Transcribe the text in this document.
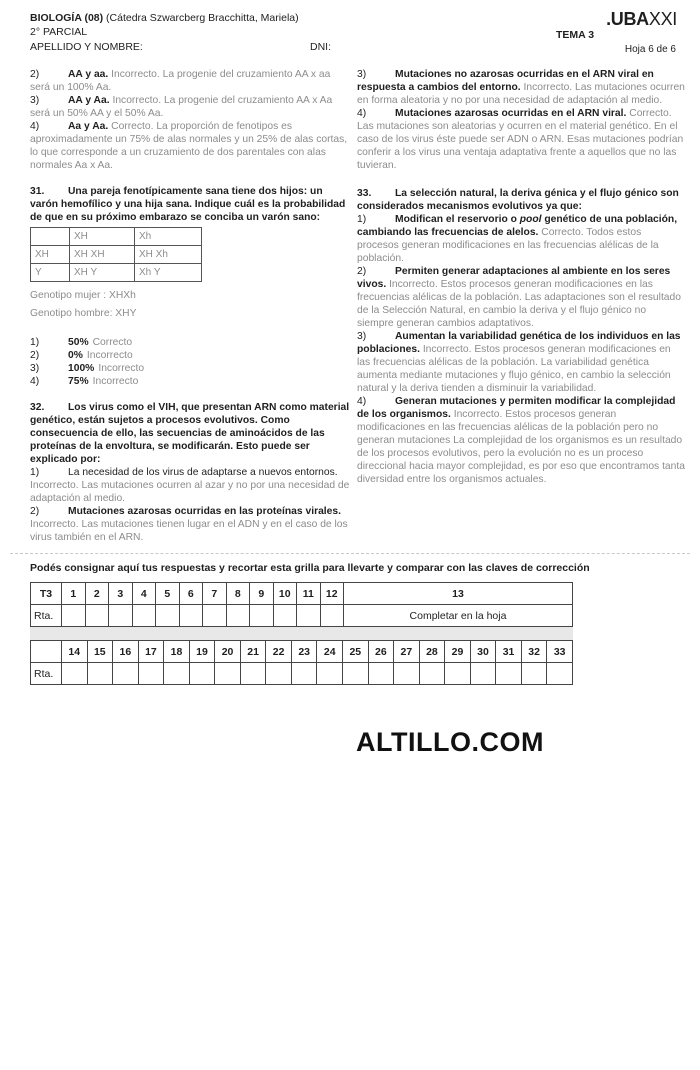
BIOLOGÍA (08) (Cátedra Szwarcberg Bracchitta, Mariela)
2° PARCIAL
APELLIDO Y NOMBRE:	DNI:
.UBAXXI
TEMA 3
Hoja 6 de 6

2)	AA y aa. Incorrecto. La progenie del cruzamiento AA x aa será un 100% Aa.

3)	AA y Aa. Incorrecto. La progenie del cruzamiento AA x Aa será un 50% AA y el 50% Aa.

4)	Aa y Aa. Correcto. La proporción de fenotipos es aproximadamente un 75% de alas normales y un 25% de alas cortas, lo que corresponde a un cruzamiento de dos parentales con alas normales Aa x Aa.

31. Una pareja fenotípicamente sana tiene dos hijos: un varón hemofílico y una hija sana. Indique cuál es la probabilidad de que en su próximo embarazo se conciba un varón sano:

	XH	Xh
XH	XH XH	XH Xh
Y	XH Y	Xh Y

Genotipo mujer : XHXh

Genotipo hombre: XHY

1)	50% Correcto

2)	0% Incorrecto

3)	100% Incorrecto

4)	75% Incorrecto

32. Los virus como el VIH, que presentan ARN como material genético, están sujetos a procesos evolutivos. Como consecuencia de ello, las secuencias de aminoácidos de las proteínas de la envoltura, se modificarán. Esto puede ser explicado por:

1)	La necesidad de los virus de adaptarse a nuevos entornos. Incorrecto. Las mutaciones ocurren al azar y no por una necesidad de adaptación al medio.

2)	Mutaciones azarosas ocurridas en las proteínas virales. Incorrecto. Las mutaciones tienen lugar en el ADN y en el caso de los virus también en el ARN.

3)	Mutaciones no azarosas ocurridas en el ARN viral en respuesta a cambios del entorno. Incorrecto. Las mutaciones ocurren en forma aleatoria y no por una necesidad de adaptación al medio.

4)	Mutaciones azarosas ocurridas en el ARN viral. Correcto. Las mutaciones son aleatorias y ocurren en el material genético. En el caso de los virus éste puede ser ADN o ARN. Esas mutaciones podrían conferir a los virus una ventaja adaptativa frente a aquellos que no las tuvieran.

33. La selección natural, la deriva génica y el flujo génico son considerados mecanismos evolutivos ya que:

1)	Modifican el reservorio o pool genético de una población, cambiando las frecuencias de alelos. Correcto. Todos estos procesos generan modificaciones en las frecuencias alélicas de la población.

2)	Permiten generar adaptaciones al ambiente en los seres vivos. Incorrecto. Estos procesos generan modificaciones en las frecuencias alélicas de la población. Las adaptaciones son el resultado de la Selección Natural, en cambio la deriva y el flujo génico no siempre generan cambios adaptativos.

3)	Aumentan la variabilidad genética de los individuos en las poblaciones. Incorrecto. Estos procesos generan modificaciones en las frecuencias alélicas de la población. La variabilidad genética aumenta mediante mutaciones y flujo génico, en cambio la selección natural y la deriva tienden a disminuir la variabilidad.

4)	Generan mutaciones y permiten modificar la complejidad de los organismos. Incorrecto. Estos procesos generan modificaciones en las frecuencias alélicas de la población pero no generan mutaciones La complejidad de los organismos es un resultado de los procesos evolutivos, pero la evolución no es un proceso direccional hacia mayor complejidad, es por eso que encontramos tanta diversidad entre los organismos actuales.

Podés consignar aquí tus respuestas y recortar esta grilla para llevarte y comparar con las claves de corrección
T3	1	2	3	4	5	6	7	8	9	10	11	12	13
Rta.													Completar en la hoja
	14	15	16	17	18	19	20	21	22	23	24	25	26	27	28	29	30	31	32	33
Rta.																				
ALTILLO.COM
